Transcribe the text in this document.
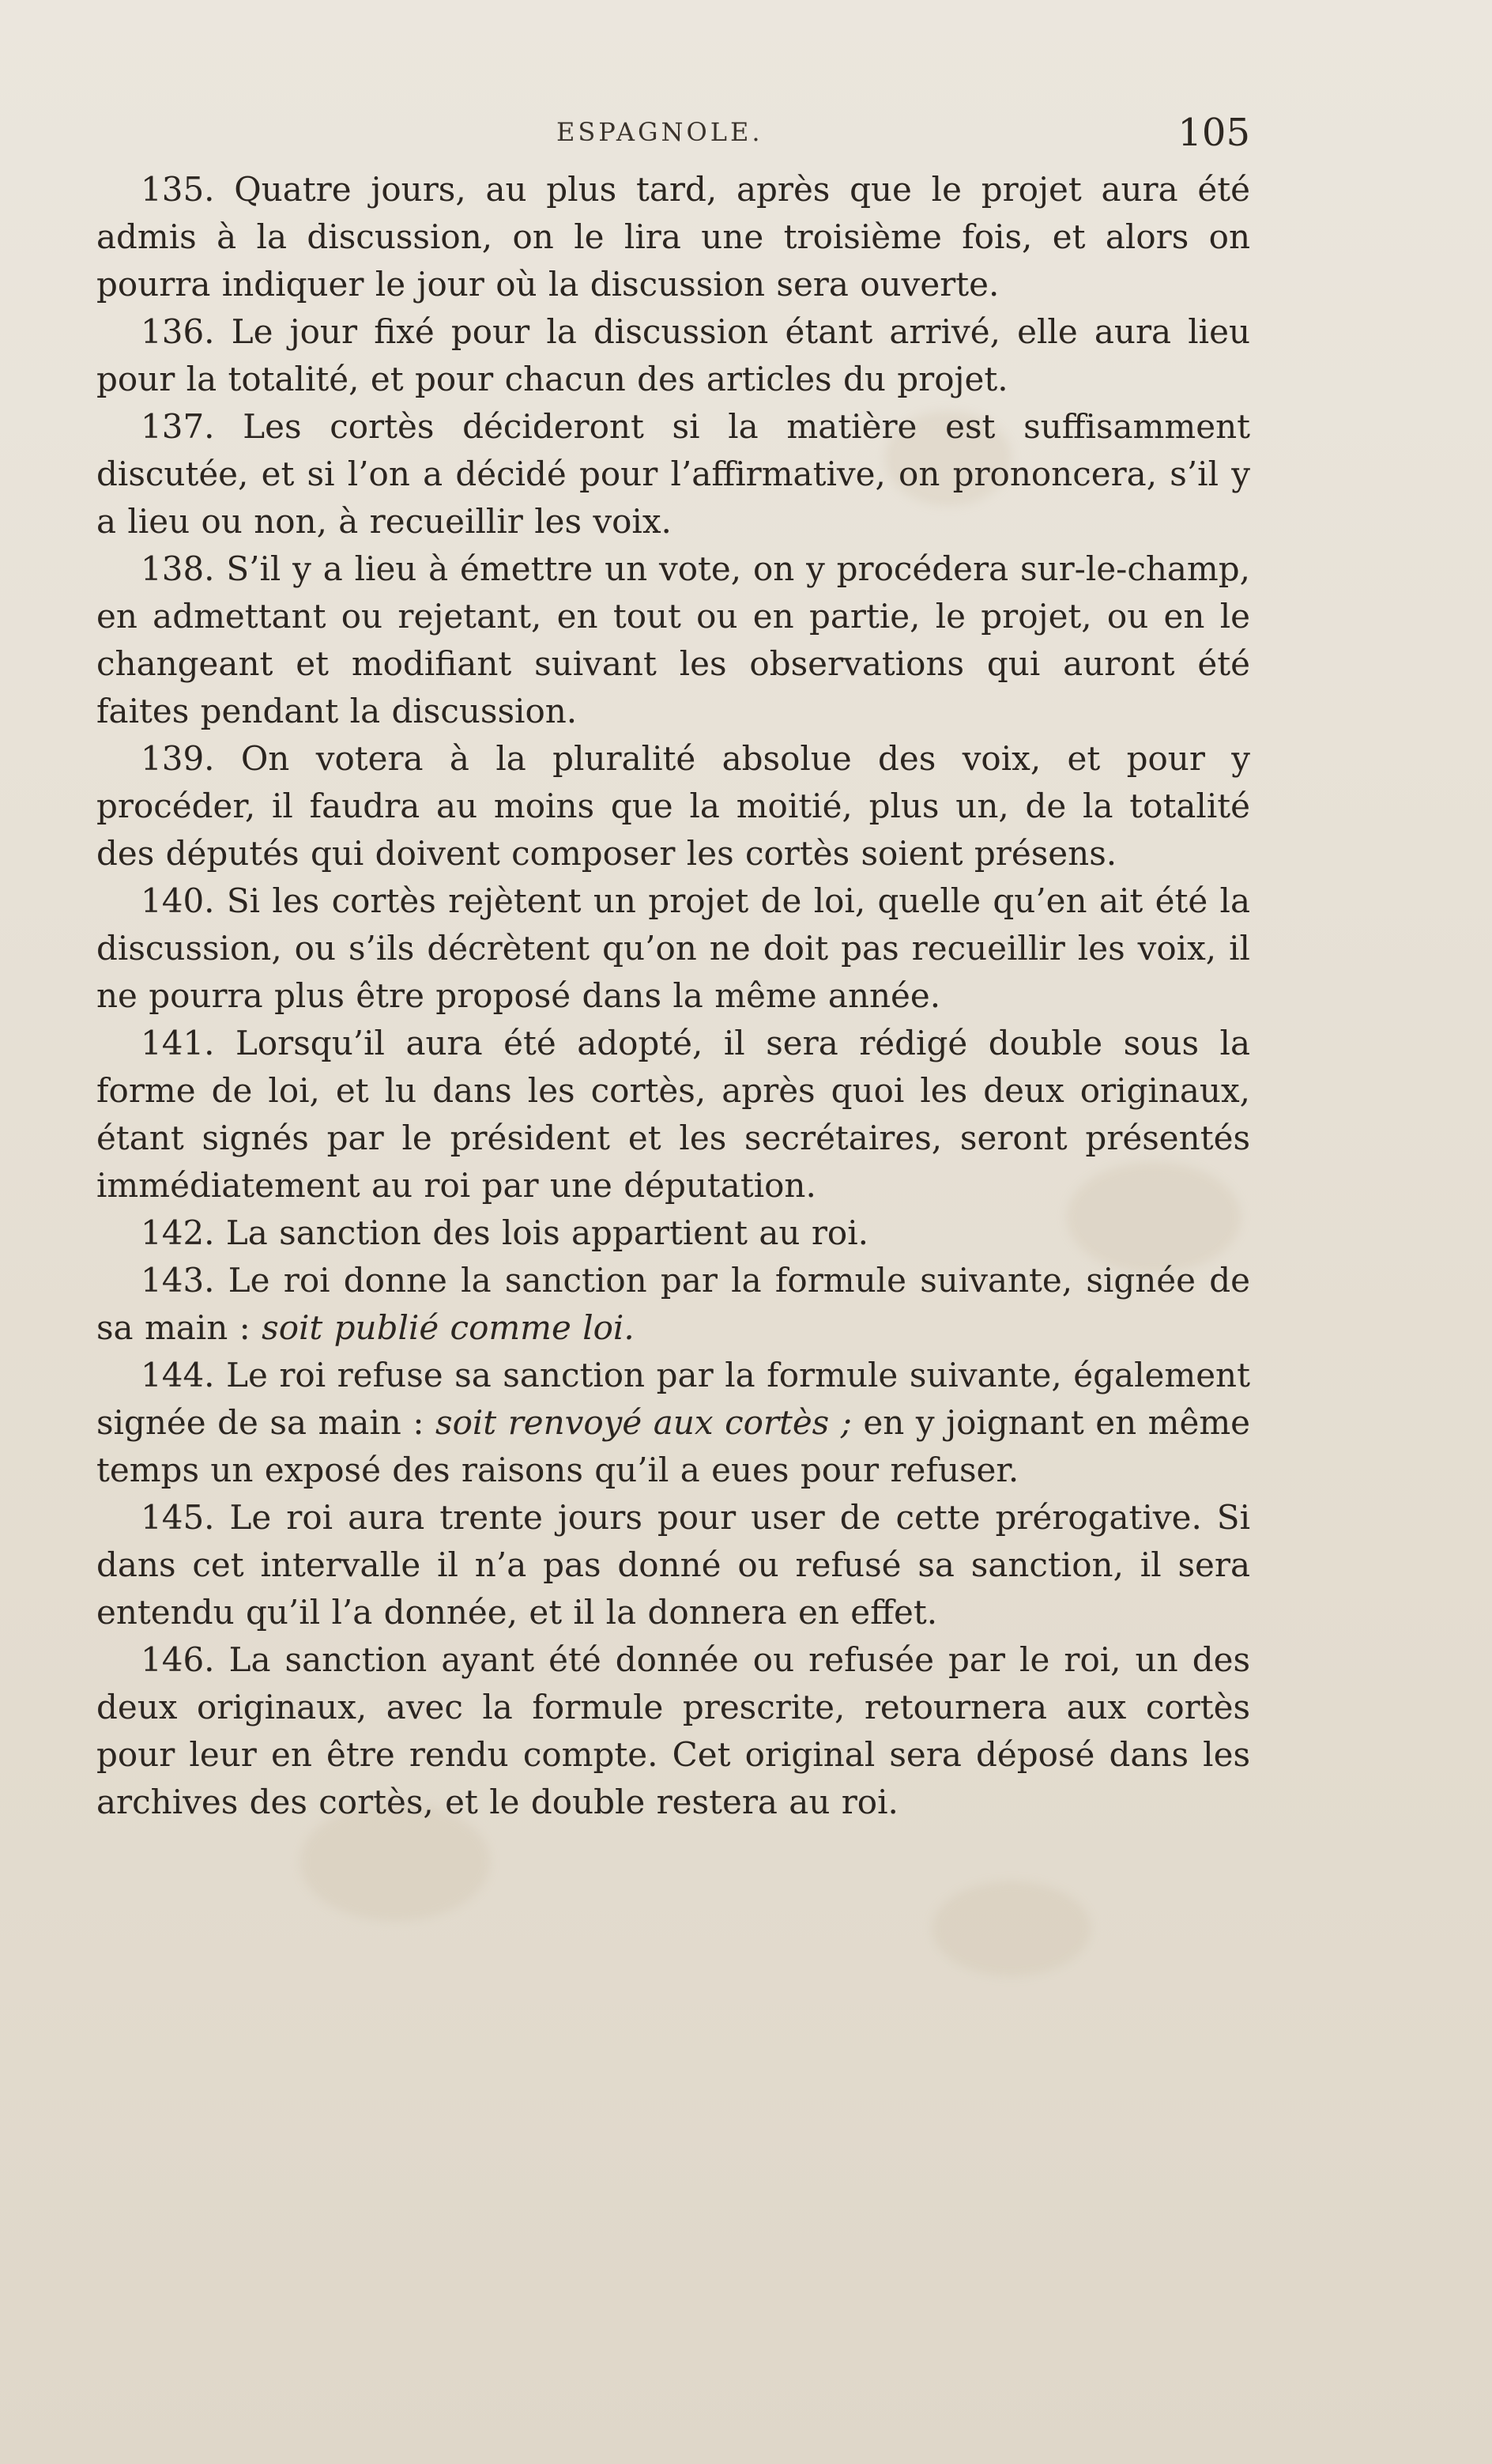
ESPAGNOLE.	105

135. Quatre jours, au plus tard, après que le projet aura été admis à la discussion, on le lira une troisième fois, et alors on pourra indiquer le jour où la discussion sera ouverte.

136. Le jour fixé pour la discussion étant arrivé, elle aura lieu pour la totalité, et pour chacun des articles du projet.

137. Les cortès décideront si la matière est suffisamment discutée, et si l’on a décidé pour l’affirmative, on prononcera, s’il y a lieu ou non, à recueillir les voix.

138. S’il y a lieu à émettre un vote, on y procédera sur-le-champ, en admettant ou rejetant, en tout ou en partie, le projet, ou en le changeant et modifiant suivant les observations qui auront été faites pendant la discussion.

139. On votera à la pluralité absolue des voix, et pour y procéder, il faudra au moins que la moitié, plus un, de la totalité des députés qui doivent composer les cortès soient présens.

140. Si les cortès rejètent un projet de loi, quelle qu’en ait été la discussion, ou s’ils décrètent qu’on ne doit pas recueillir les voix, il ne pourra plus être proposé dans la même année.

141. Lorsqu’il aura été adopté, il sera rédigé double sous la forme de loi, et lu dans les cortès, après quoi les deux originaux, étant signés par le président et les secrétaires, seront présentés immédiatement au roi par une députation.

142. La sanction des lois appartient au roi.

143. Le roi donne la sanction par la formule suivante, signée de sa main : soit publié comme loi.

144. Le roi refuse sa sanction par la formule suivante, également signée de sa main : soit renvoyé aux cortès ; en y joignant en même temps un exposé des raisons qu’il a eues pour refuser.

145. Le roi aura trente jours pour user de cette prérogative. Si dans cet intervalle il n’a pas donné ou refusé sa sanction, il sera entendu qu’il l’a donnée, et il la donnera en effet.

146. La sanction ayant été donnée ou refusée par le roi, un des deux originaux, avec la formule prescrite, retournera aux cortès pour leur en être rendu compte. Cet original sera déposé dans les archives des cortès, et le double restera au roi.
